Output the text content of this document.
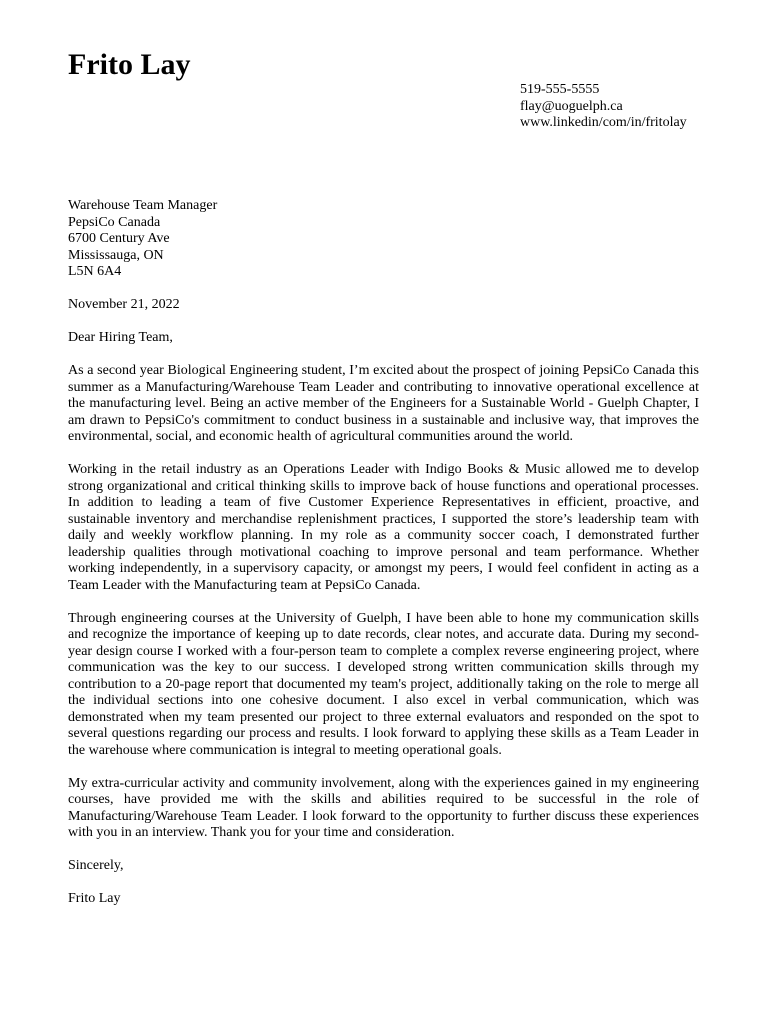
Frito Lay
519-555-5555
flay@uoguelph.ca
www.linkedin/com/in/fritolay
Warehouse Team Manager
PepsiCo Canada
6700 Century Ave
Mississauga, ON
L5N 6A4
November 21, 2022
Dear Hiring Team,

As a second year Biological Engineering student, I’m excited about the prospect of joining PepsiCo Canada this summer as a Manufacturing/Warehouse Team Leader and contributing to innovative operational excellence at the manufacturing level. Being an active member of the Engineers for a Sustainable World - Guelph Chapter, I am drawn to PepsiCo's commitment to conduct business in a sustainable and inclusive way, that improves the environmental, social, and economic health of agricultural communities around the world.

Working in the retail industry as an Operations Leader with Indigo Books & Music allowed me to develop strong organizational and critical thinking skills to improve back of house functions and operational processes. In addition to leading a team of five Customer Experience Representatives in efficient, proactive, and sustainable inventory and merchandise replenishment practices, I supported the store’s leadership team with daily and weekly workflow planning. In my role as a community soccer coach, I demonstrated further leadership qualities through motivational coaching to improve personal and team performance. Whether working independently, in a supervisory capacity, or amongst my peers, I would feel confident in acting as a Team Leader with the Manufacturing team at PepsiCo Canada.

Through engineering courses at the University of Guelph, I have been able to hone my communication skills and recognize the importance of keeping up to date records, clear notes, and accurate data. During my second-year design course I worked with a four-person team to complete a complex reverse engineering project, where communication was the key to our success. I developed strong written communication skills through my contribution to a 20-page report that documented my team's project, additionally taking on the role to merge all the individual sections into one cohesive document. I also excel in verbal communication, which was demonstrated when my team presented our project to three external evaluators and responded on the spot to several questions regarding our process and results. I look forward to applying these skills as a Team Leader in the warehouse where communication is integral to meeting operational goals.

My extra-curricular activity and community involvement, along with the experiences gained in my engineering courses, have provided me with the skills and abilities required to be successful in the role of Manufacturing/Warehouse Team Leader. I look forward to the opportunity to further discuss these experiences with you in an interview. Thank you for your time and consideration.

Sincerely,
Frito Lay
